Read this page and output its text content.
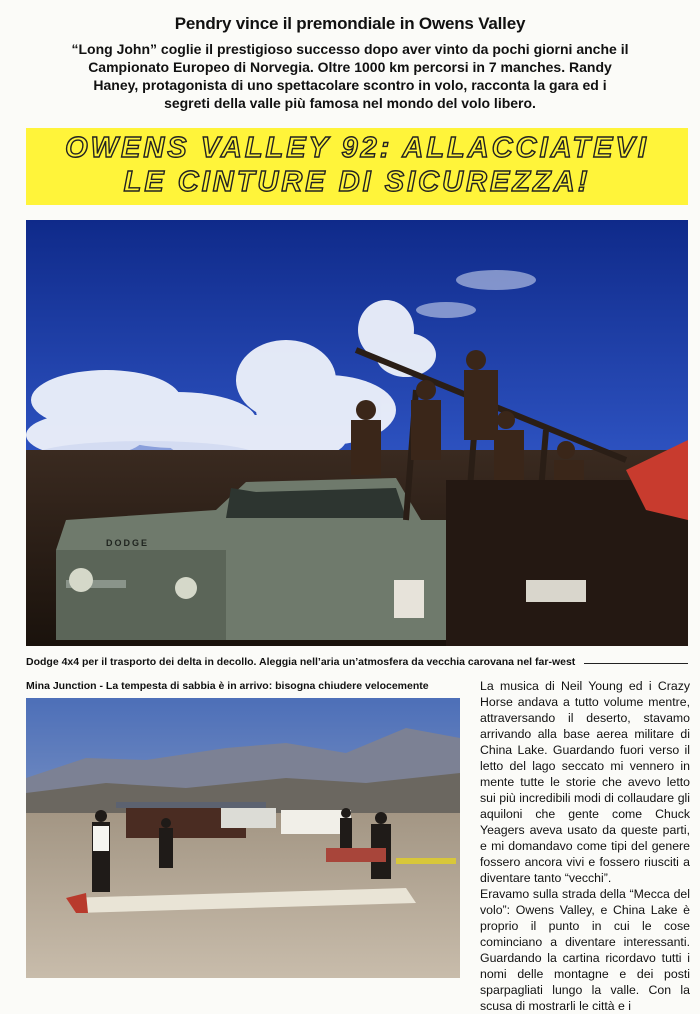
Pendry vince il premondiale in Owens Valley
“Long John” coglie il prestigioso successo dopo aver vinto da pochi giorni anche il Campionato Europeo di Norvegia. Oltre 1000 km percorsi in 7 manches. Randy Haney, protagonista di uno spettacolare scontro in volo, racconta la gara ed i segreti della valle più famosa nel mondo del volo libero.
OWENS VALLEY 92: ALLACCIATEVI
LE CINTURE DI SICUREZZA!
DODGE
Dodge 4x4 per il trasporto dei delta in decollo. Aleggia nell’aria un’atmosfera da vecchia carovana nel far-west
Mina Junction - La tempesta di sabbia è in arrivo: bisogna chiudere velocemente	La musica di Neil Young ed i Crazy Horse andava a tutto volume mentre, attraversando il deserto, stavamo arrivando alla base aerea militare di China Lake. Guardando fuori verso il letto del lago seccato mi vennero in mente tutte le storie che avevo letto sui più incredibili modi di collaudare gli aquiloni che gente come Chuck Yeagers aveva usato da queste parti, e mi domandavo come tipi del genere fossero ancora vivi e fossero riusciti a diventare tanto “vecchi”.

Eravamo sulla strada della “Mecca del volo”: Owens Valley, e China Lake è proprio il punto in cui le cose cominciano a diventare interessanti. Guardando la cartina ricordavo tutti i nomi delle montagne e dei posti sparpagliati lungo la valle. Con la scusa di mostrarli le città e i
